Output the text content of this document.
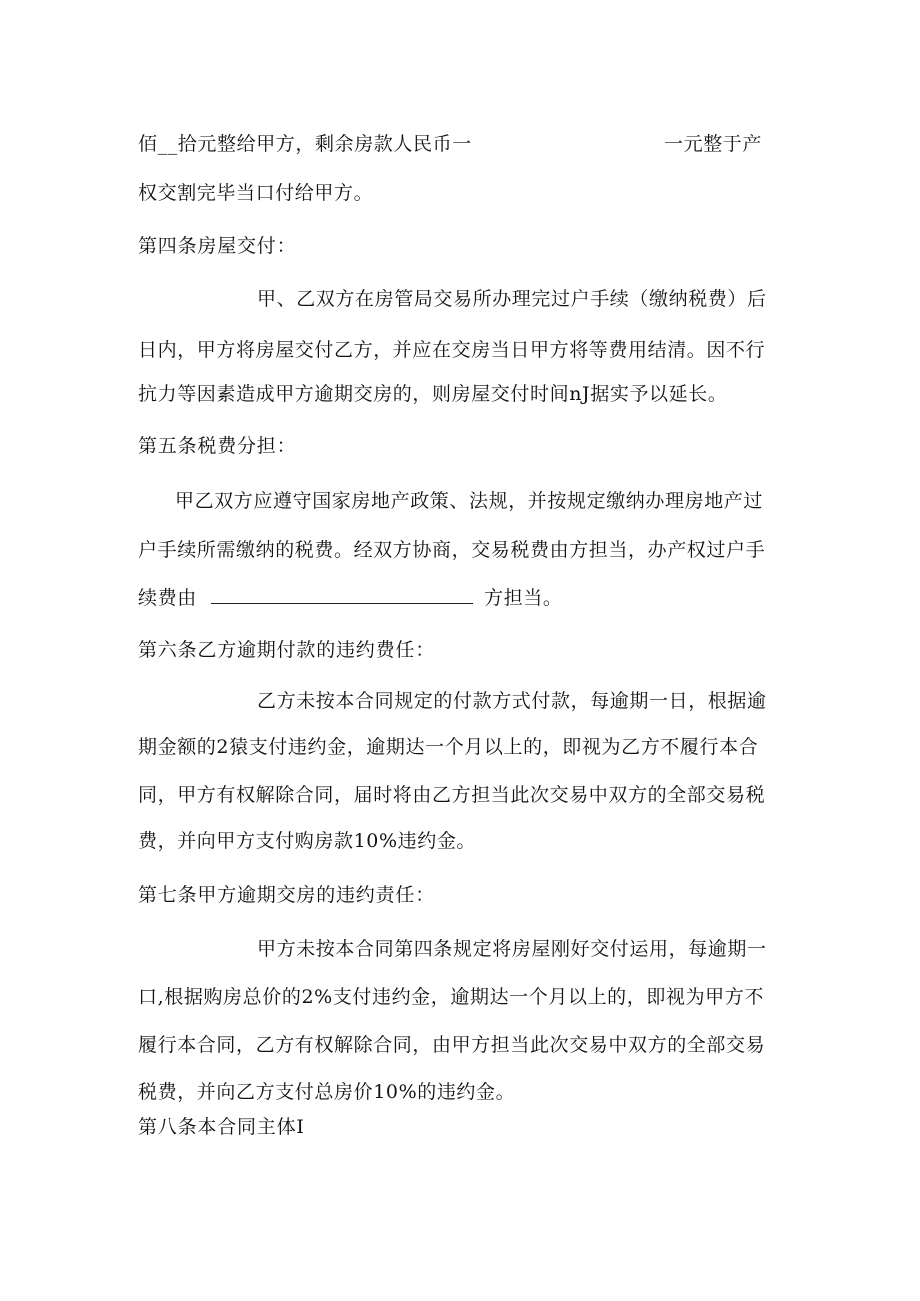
佰__拾元整给甲方，剩余房款人民币一	一元整于产
权交割完毕当口付给甲方。
第四条房屋交付：
甲、乙双方在房管局交易所办理完过户手续（缴纳税费）后
日内，甲方将房屋交付乙方，并应在交房当日甲方将等费用结清。因不行
抗力等因素造成甲方逾期交房的，则房屋交付时间nJ据实予以延长。
第五条税费分担：
甲乙双方应遵守国家房地产政策、法规，并按规定缴纳办理房地产过
户手续所需缴纳的税费。经双方协商，交易税费由方担当，办产权过户手
续费由	方担当。
第六条乙方逾期付款的违约费任：
乙方未按本合同规定的付款方式付款，每逾期一日，根据逾
期金额的2猿支付违约金，逾期达一个月以上的，即视为乙方不履行本合
同，甲方有权解除合同，届时将由乙方担当此次交易中双方的全部交易税
费，并向甲方支付购房款10%违约金。
第七条甲方逾期交房的违约责任：
甲方未按本合同第四条规定将房屋刚好交付运用，每逾期一
口,根据购房总价的2%支付违约金，逾期达一个月以上的，即视为甲方不
履行本合同，乙方有权解除合同，由甲方担当此次交易中双方的全部交易
税费，并向乙方支付总房价10%的违约金。
第八条本合同主体I
